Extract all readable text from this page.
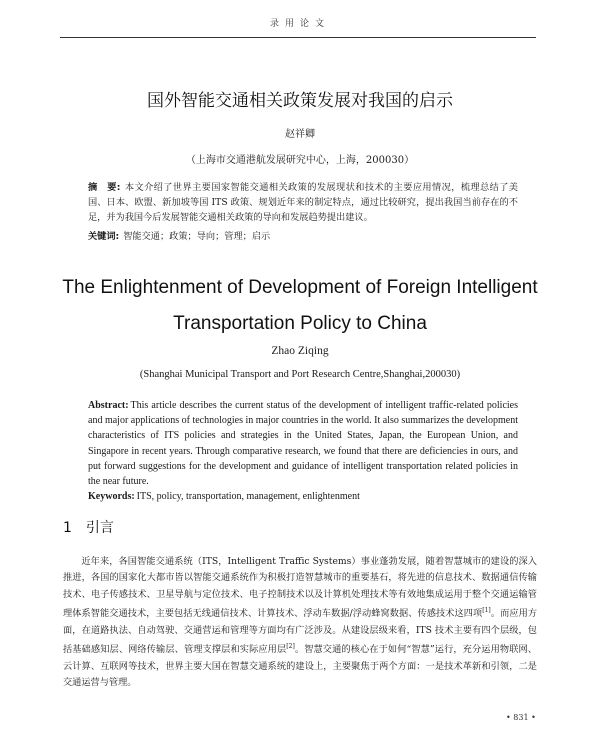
录用论文
国外智能交通相关政策发展对我国的启示
赵祥卿
（上海市交通港航发展研究中心，上海，200030）

摘　要: 本文介绍了世界主要国家智能交通相关政策的发展现状和技术的主要应用情况，梳理总结了美国、日本、欧盟、新加坡等国 ITS 政策、规划近年来的制定特点，通过比较研究，提出我国当前存在的不足，并为我国今后发展智能交通相关政策的导向和发展趋势提出建议。

关键词: 智能交通；政策；导向；管理；启示

The Enlightenment of Development of Foreign Intelligent Transportation Policy to China
Zhao Ziqing
(Shanghai Municipal Transport and Port Research Centre,Shanghai,200030)

Abstract: This article describes the current status of the development of intelligent traffic-related policies and major applications of technologies in major countries in the world. It also summarizes the development characteristics of ITS policies and strategies in the United States, Japan, the European Union, and Singapore in recent years. Through comparative research, we found that there are deficiencies in ours, and put forward suggestions for the development and guidance of intelligent transportation related policies in the near future.

Keywords: ITS, policy, transportation, management, enlightenment

1 引言

近年来，各国智能交通系统（ITS，Intelligent Traffic Systems）事业蓬勃发展，随着智慧城市的建设的深入推进，各国的国家化大都市皆以智能交通系统作为积极打造智慧城市的重要基石，将先进的信息技术、数据通信传输技术、电子传感技术、卫星导航与定位技术、电子控制技术以及计算机处理技术等有效地集成运用于整个交通运输管理体系智能交通技术，主要包括无线通信技术、计算技术、浮动车数据/浮动蜂窝数据、传感技术这四项[1]。而应用方面，在道路执法、自动驾驶、交通营运和管理等方面均有广泛涉及。从建设层级来看，ITS 技术主要有四个层级，包括基础感知层、网络传输层、管理支撑层和实际应用层[2]。智慧交通的核心在于如何“智慧”运行，充分运用物联网、云计算、互联网等技术，世界主要大国在智慧交通系统的建设上，主要聚焦于两个方面：一是技术革新和引领，二是交通运营与管理。

• 831 •
